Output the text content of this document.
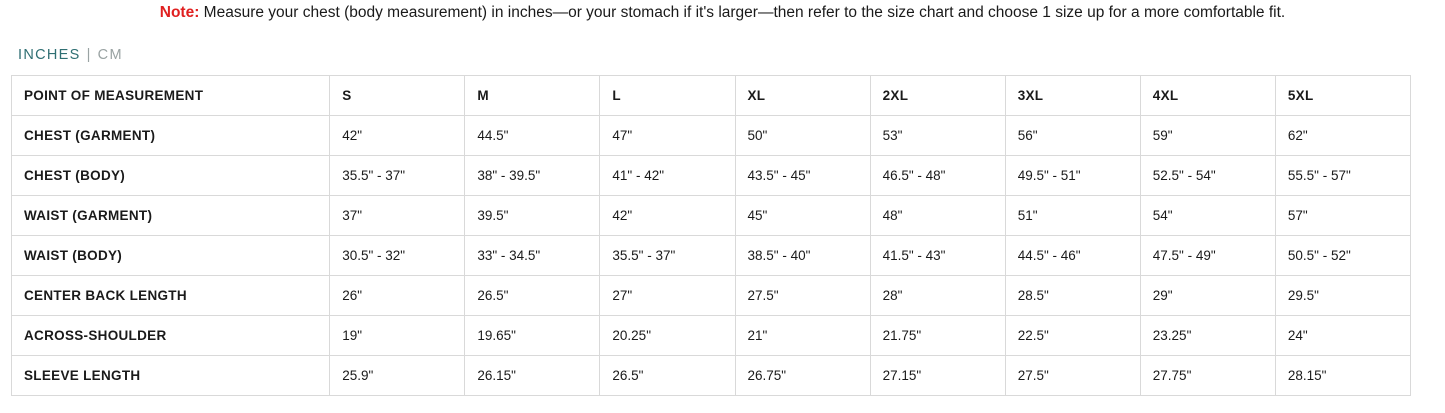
Note: Measure your chest (body measurement) in inches—or your stomach if it's larger—then refer to the size chart and choose 1 size up for a more comfortable fit.
INCHES | CM
POINT OF MEASUREMENT	S	M	L	XL	2XL	3XL	4XL	5XL
CHEST (GARMENT)	42"	44.5"	47"	50"	53"	56"	59"	62"
CHEST (BODY)	35.5" - 37"	38" - 39.5"	41" - 42"	43.5" - 45"	46.5" - 48"	49.5" - 51"	52.5" - 54"	55.5" - 57"
WAIST (GARMENT)	37"	39.5"	42"	45"	48"	51"	54"	57"
WAIST (BODY)	30.5" - 32"	33" - 34.5"	35.5" - 37"	38.5" - 40"	41.5" - 43"	44.5" - 46"	47.5" - 49"	50.5" - 52"
CENTER BACK LENGTH	26"	26.5"	27"	27.5"	28"	28.5"	29"	29.5"
ACROSS-SHOULDER	19"	19.65"	20.25"	21"	21.75"	22.5"	23.25"	24"
SLEEVE LENGTH	25.9"	26.15"	26.5"	26.75"	27.15"	27.5"	27.75"	28.15"
